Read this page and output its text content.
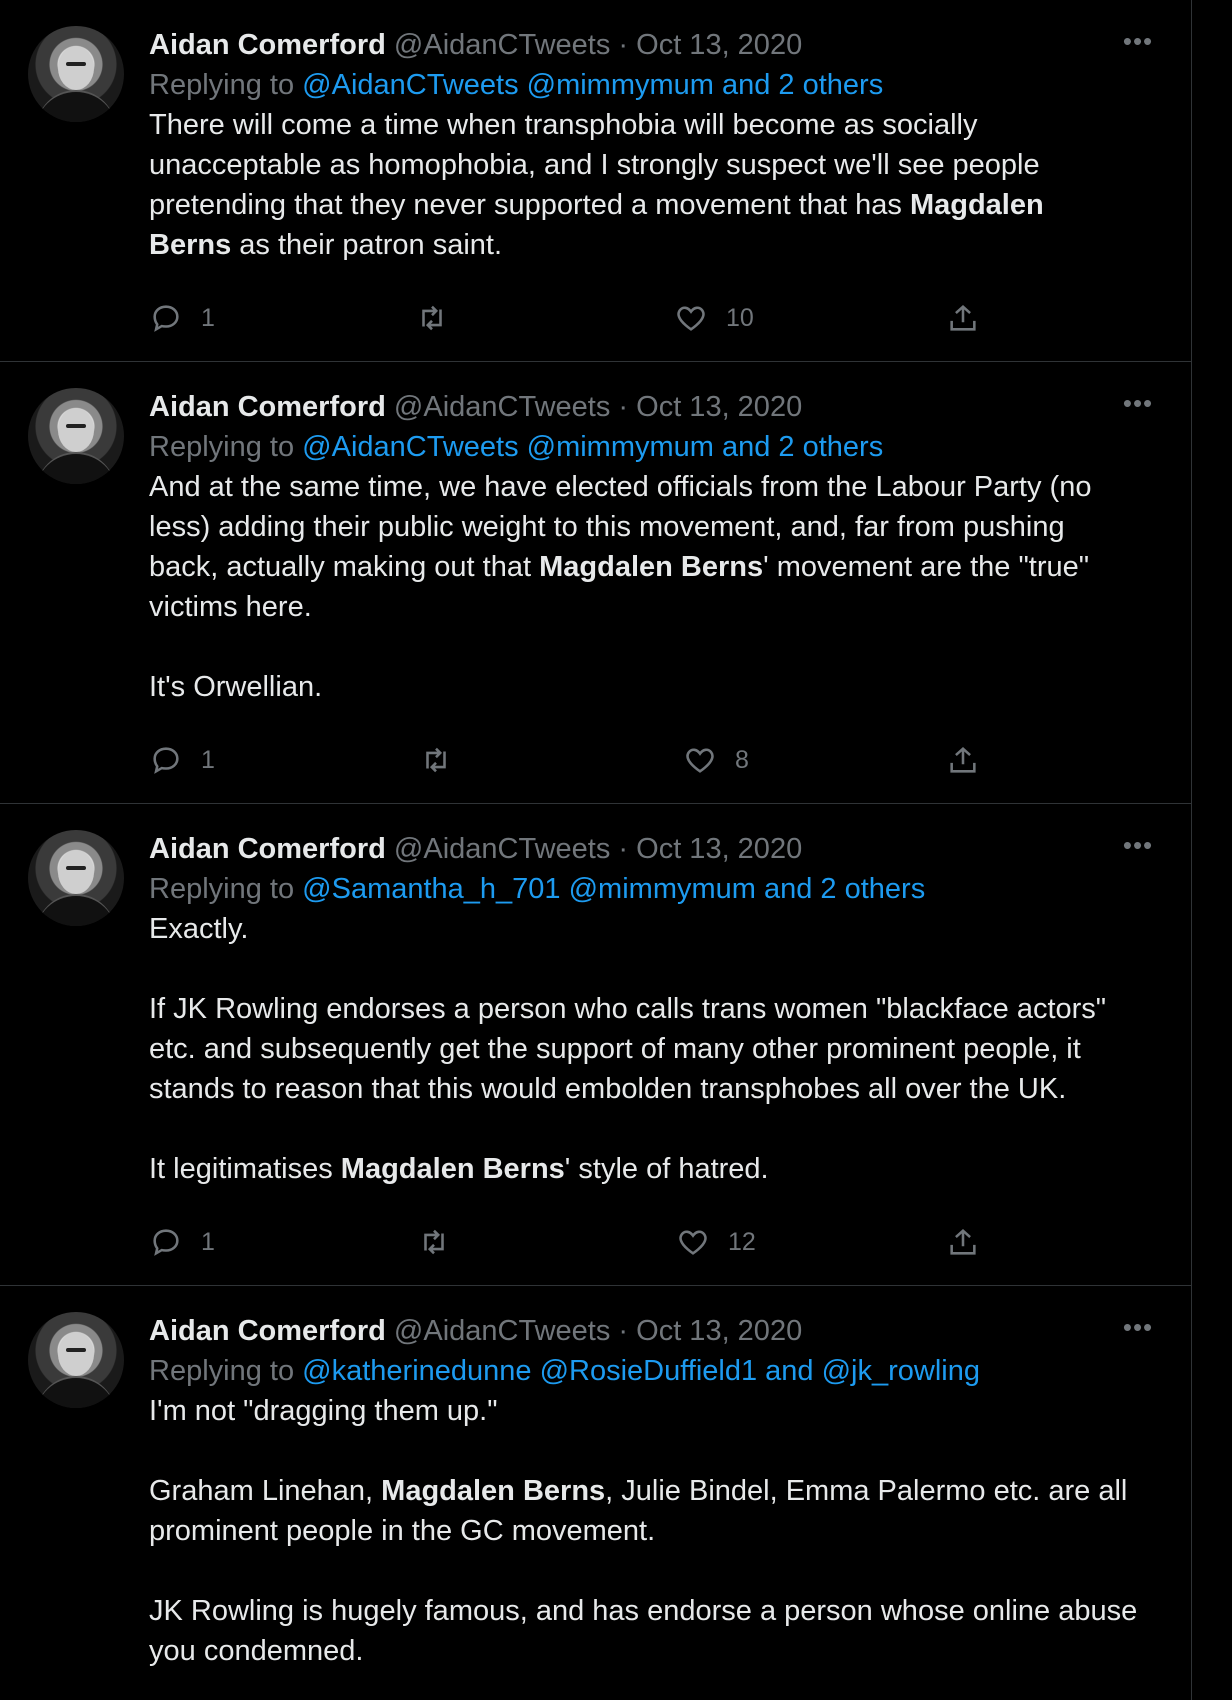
Aidan Comerford @AidanCTweets · Oct 13, 2020
Replying to @AidanCTweets @mimmymum and 2 others
There will come a time when transphobia will become as socially
unacceptable as homophobia, and I strongly suspect we'll see people
pretending that they never supported a movement that has Magdalen
Berns as their patron saint.
•••
1	10
Aidan Comerford @AidanCTweets · Oct 13, 2020
Replying to @AidanCTweets @mimmymum and 2 others
And at the same time, we have elected officials from the Labour Party (no
less) adding their public weight to this movement, and, far from pushing
back, actually making out that Magdalen Berns' movement are the "true"
victims here.

It's Orwellian.
•••
1	8
Aidan Comerford @AidanCTweets · Oct 13, 2020
Replying to @Samantha_h_701 @mimmymum and 2 others
Exactly.

If JK Rowling endorses a person who calls trans women "blackface actors"
etc. and subsequently get the support of many other prominent people, it
stands to reason that this would embolden transphobes all over the UK.

It legitimatises Magdalen Berns' style of hatred.
•••
1	12
Aidan Comerford @AidanCTweets · Oct 13, 2020
Replying to @katherinedunne @RosieDuffield1 and @jk_rowling
I'm not "dragging them up."

Graham Linehan, Magdalen Berns, Julie Bindel, Emma Palermo etc. are all
prominent people in the GC movement.

JK Rowling is hugely famous, and has endorse a person whose online abuse
you condemned.
•••
